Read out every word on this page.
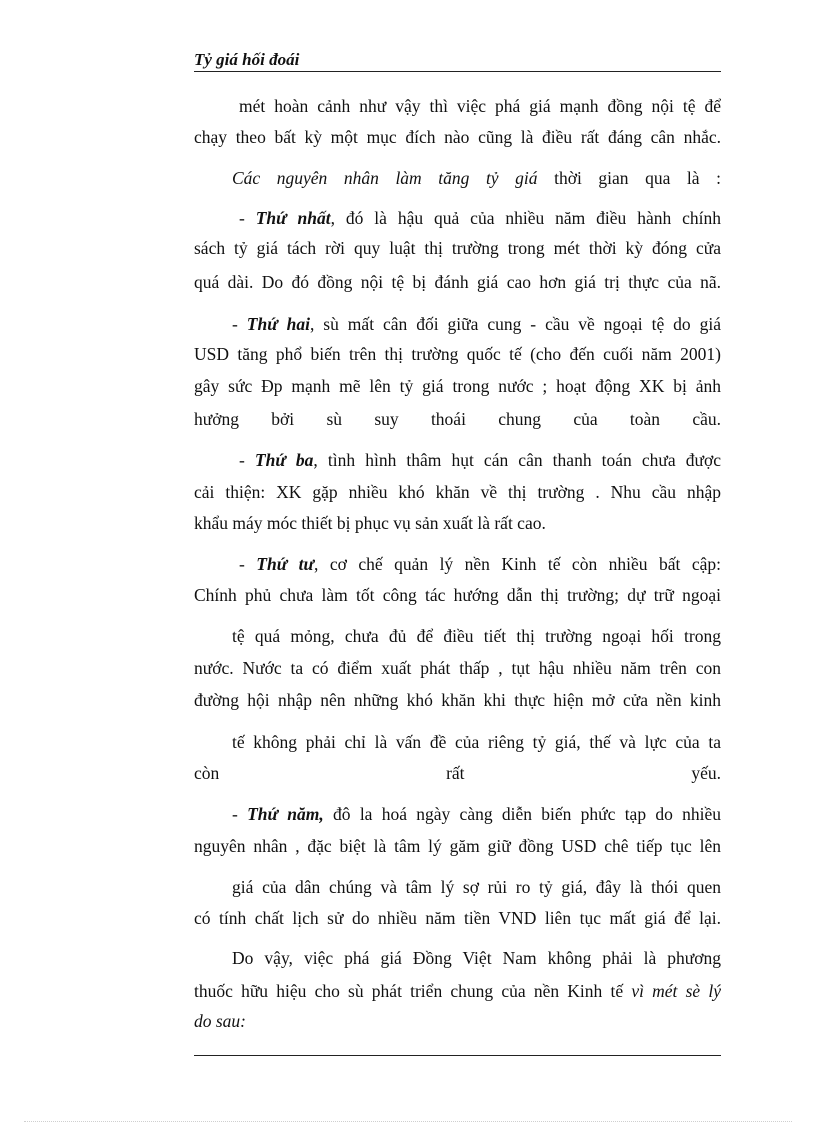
Tỷ giá hối đoái
mét hoàn cảnh như vậy thì việc phá giá mạnh đồng nội tệ để
chạy theo bất kỳ một mục đích nào cũng là điều rất đáng cân nhắc.
Các nguyên nhân làm tăng tỷ giá thời gian qua là :
- Thứ nhất, đó là hậu quả của nhiều năm điều hành chính
sách tỷ giá tách rời quy luật thị trường trong mét thời kỳ đóng cửa
quá dài. Do đó đồng nội tệ bị đánh giá cao hơn giá trị thực của nã.
- Thứ hai, sù mất cân đối giữa cung - cầu về ngoại tệ do giá
USD tăng phổ biến trên thị trường quốc tế (cho đến cuối năm 2001)
gây sức Ðp mạnh mẽ lên tỷ giá trong nước ; hoạt động XK bị ảnh
hưởng bởi sù suy thoái chung của toàn cầu.
- Thứ ba, tình hình thâm hụt cán cân thanh toán chưa được
cải thiện: XK gặp nhiều khó khăn về thị trường . Nhu cầu nhập
khẩu máy móc thiết bị phục vụ sản xuất là rất cao.
- Thứ tư, cơ chế quản lý nền Kinh tế còn nhiều bất cập:
Chính phủ chưa làm tốt công tác hướng dẫn thị trường; dự trữ ngoại
tệ quá mỏng, chưa đủ để điều tiết thị trường ngoại hối trong
nước. Nước ta có điểm xuất phát thấp , tụt hậu nhiều năm trên con
đường hội nhập nên những khó khăn khi thực hiện mở cửa nền kinh
tế không phải chỉ là vấn đề của riêng tỷ giá, thế và lực của ta
còn rất yếu.
- Thứ năm, đô la hoá ngày càng diễn biến phức tạp do nhiều
nguyên nhân , đặc biệt là tâm lý găm giữ đồng USD chê tiếp tục lên
giá của dân chúng và tâm lý sợ rủi ro tỷ giá, đây là thói quen
có tính chất lịch sử do nhiều năm tiền VND liên tục mất giá để lại.
Do vậy, việc phá giá Đồng Việt Nam không phải là phương
thuốc hữu hiệu cho sù phát triển chung của nền Kinh tế vì mét sè lý
do sau:
